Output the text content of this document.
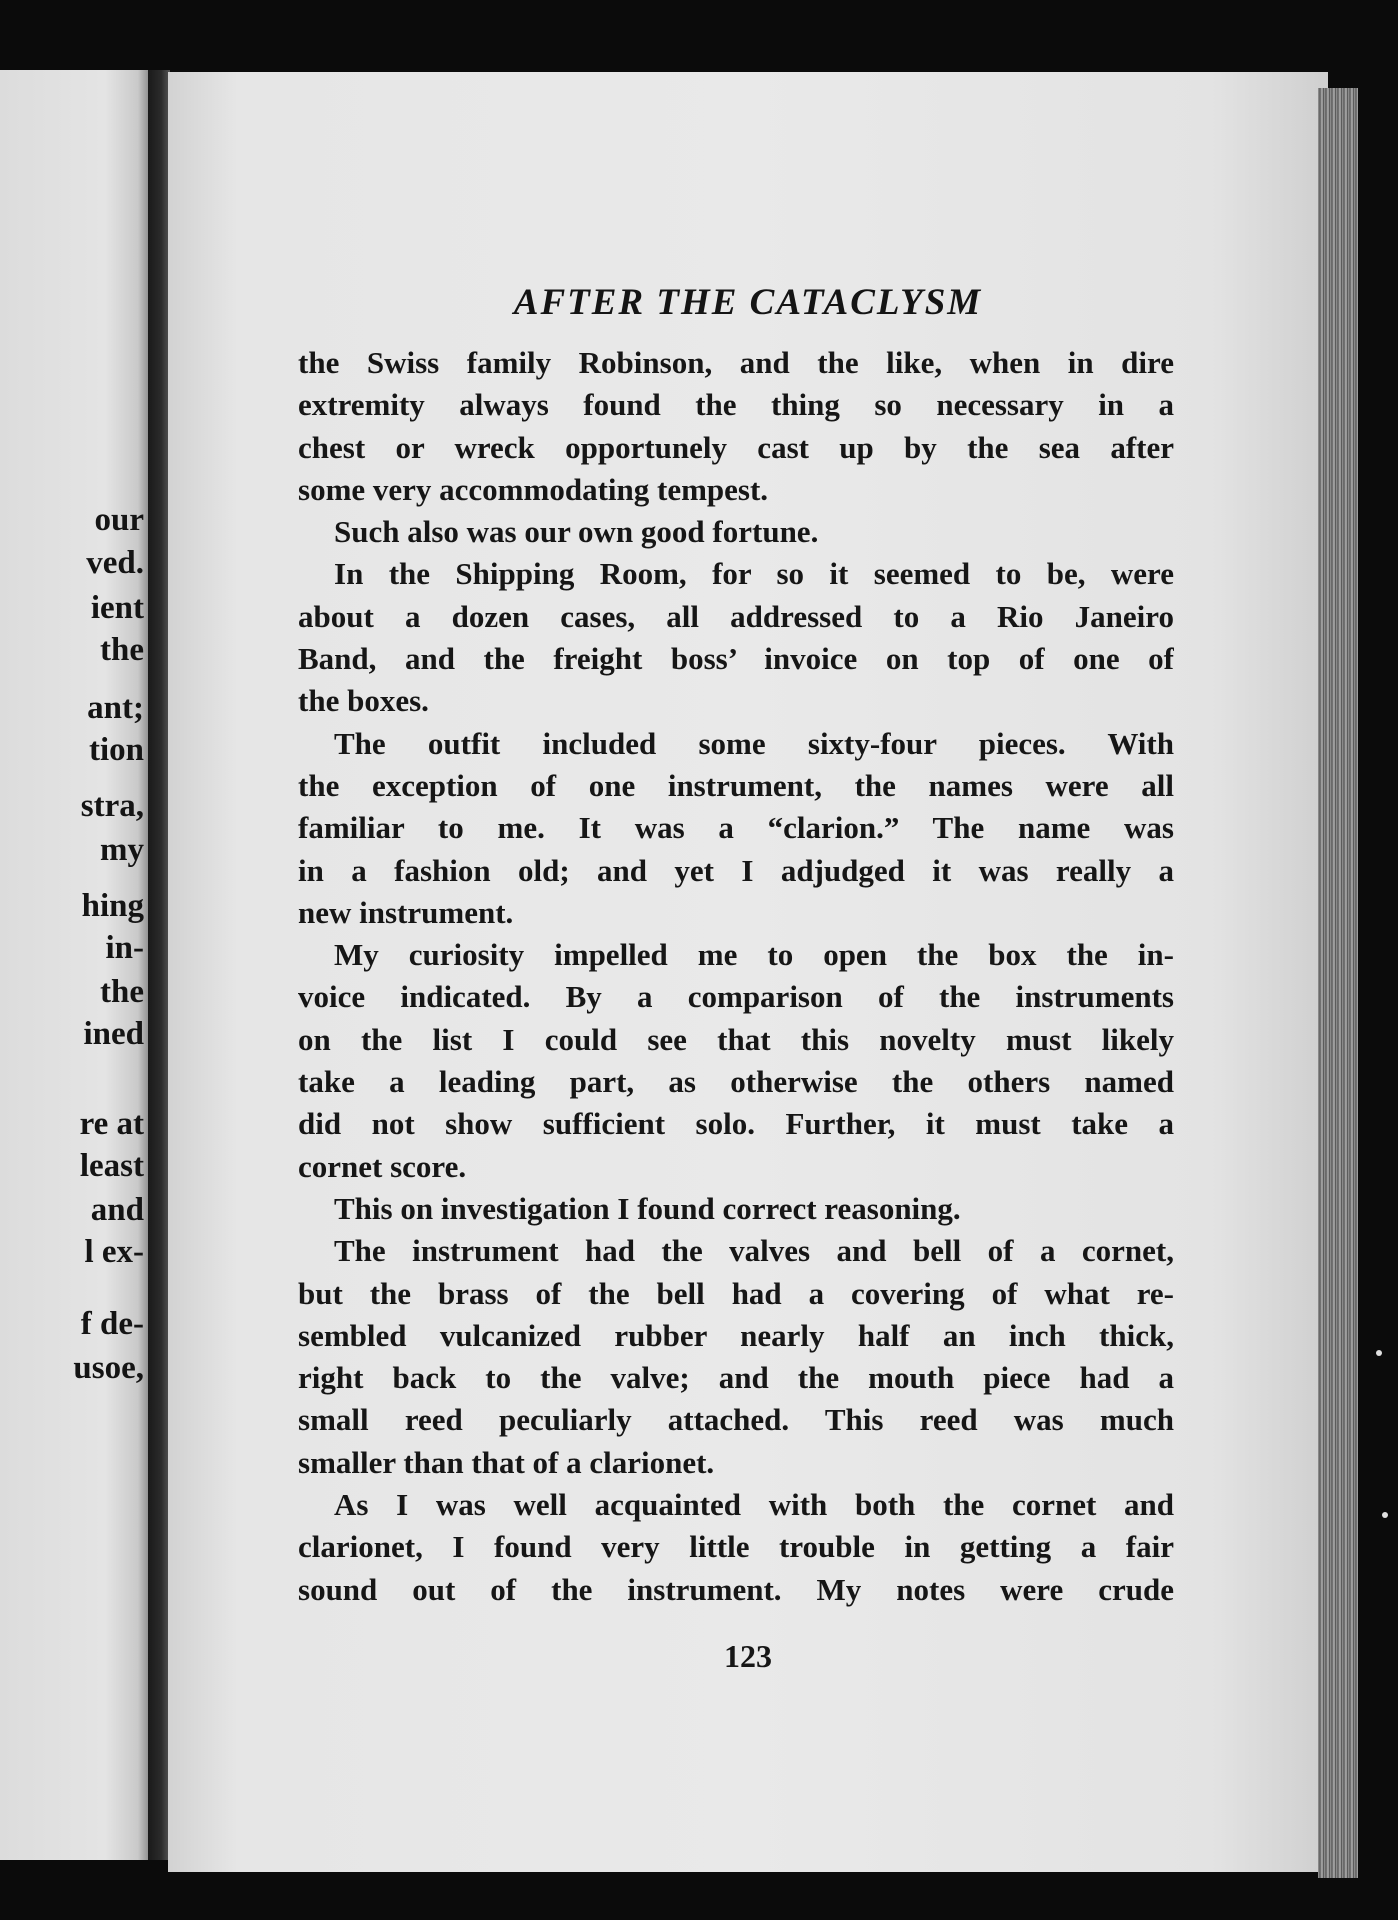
our
ved.
ient
the
ant;
tion
stra,
my
hing
in-
the
ined
re at
least
and
l ex-
f de-
usoe,
AFTER THE CATACLYSM
the Swiss family Robinson, and the like, when in dire
extremity always found the thing so necessary in a
chest or wreck opportunely cast up by the sea after
some very accommodating tempest.
Such also was our own good fortune.
In the Shipping Room, for so it seemed to be, were
about a dozen cases, all addressed to a Rio Janeiro
Band, and the freight boss’ invoice on top of one of
the boxes.
The outfit included some sixty-four pieces. With
the exception of one instrument, the names were all
familiar to me. It was a “clarion.” The name was
in a fashion old; and yet I adjudged it was really a
new instrument.
My curiosity impelled me to open the box the in-
voice indicated. By a comparison of the instruments
on the list I could see that this novelty must likely
take a leading part, as otherwise the others named
did not show sufficient solo. Further, it must take a
cornet score.
This on investigation I found correct reasoning.
The instrument had the valves and bell of a cornet,
but the brass of the bell had a covering of what re-
sembled vulcanized rubber nearly half an inch thick,
right back to the valve; and the mouth piece had a
small reed peculiarly attached. This reed was much
smaller than that of a clarionet.
As I was well acquainted with both the cornet and
clarionet, I found very little trouble in getting a fair
sound out of the instrument. My notes were crude
123
